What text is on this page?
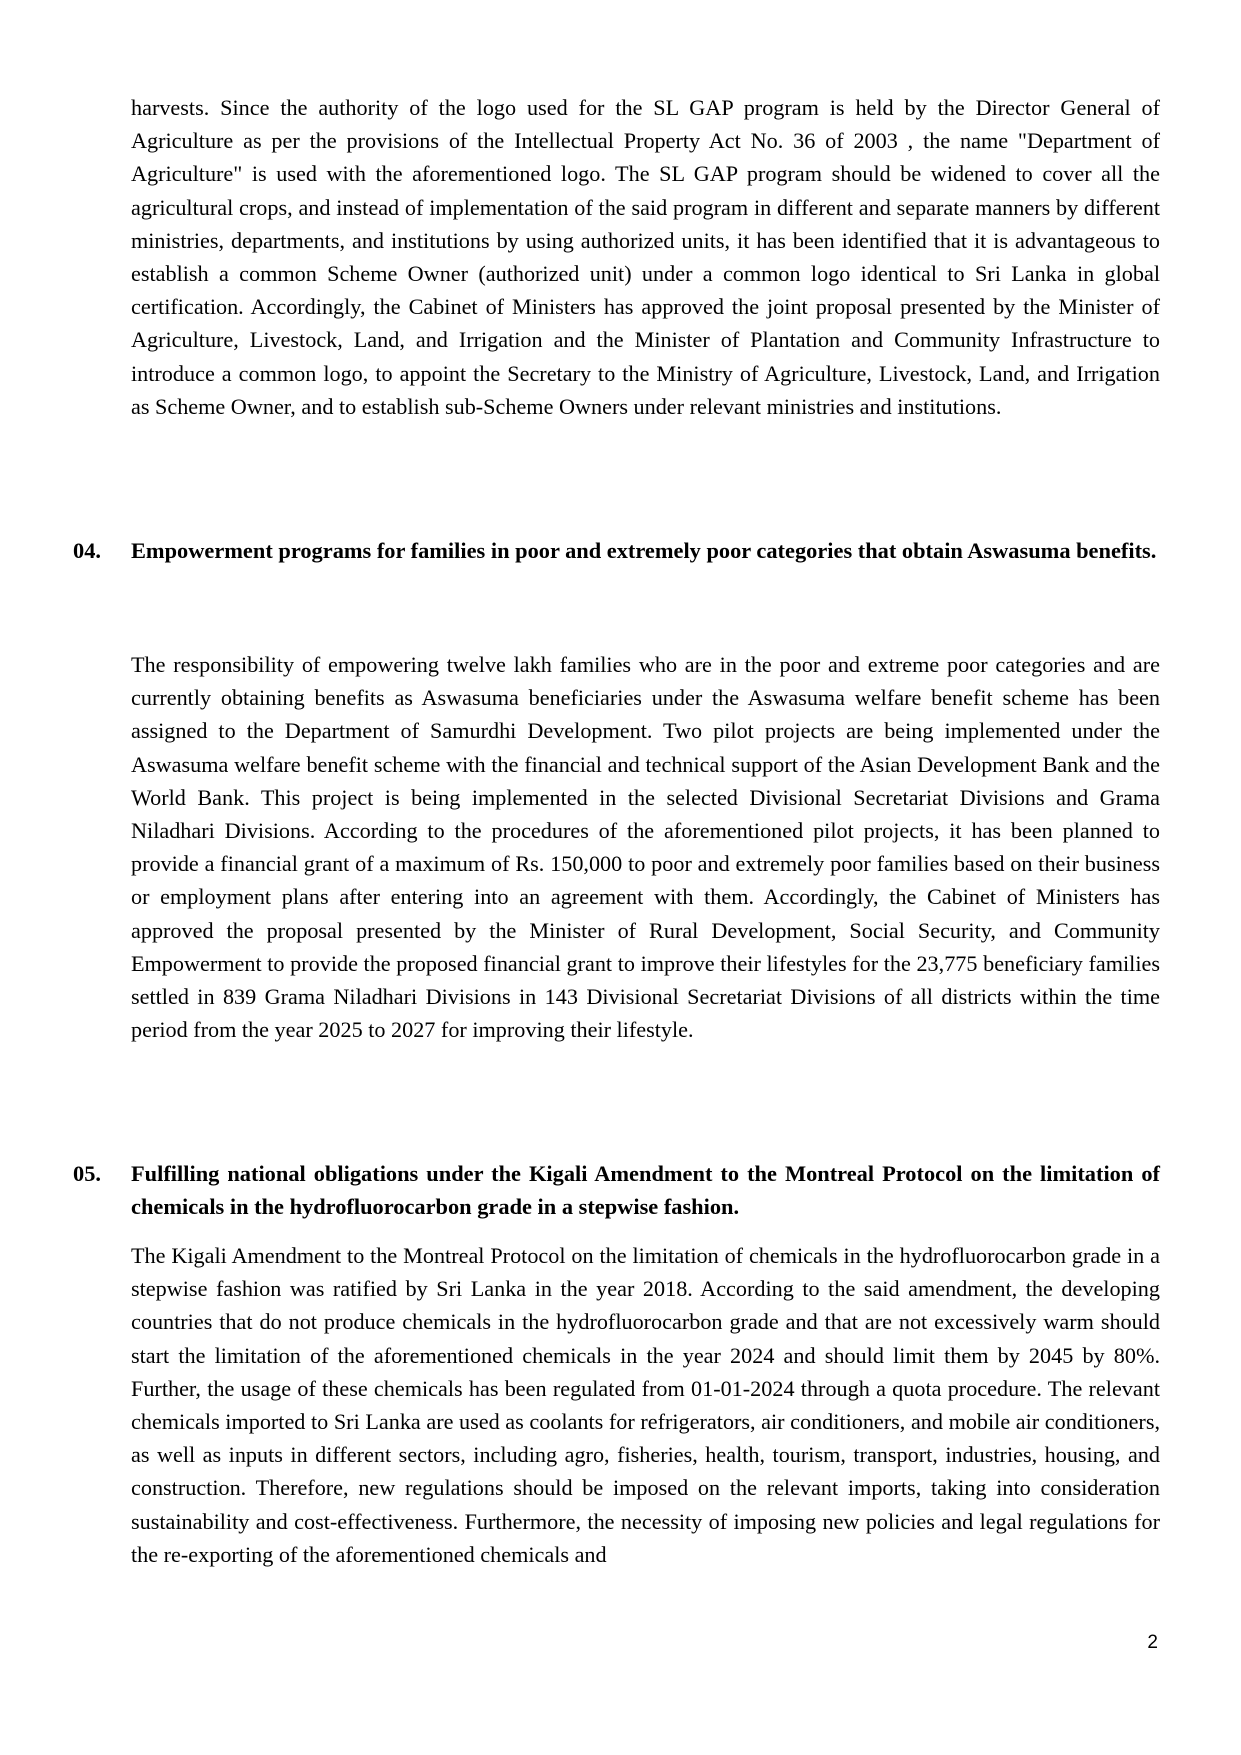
harvests. Since the authority of the logo used for the SL GAP program is held by the Director General of Agriculture as per the provisions of the Intellectual Property Act No. 36 of 2003 , the name "Department of Agriculture" is used with the aforementioned logo. The SL GAP program should be widened to cover all the agricultural crops, and instead of implementation of the said program in different and separate manners by different ministries, departments, and institutions by using authorized units, it has been identified that it is advantageous to establish a common Scheme Owner (authorized unit) under a common logo identical to Sri Lanka in global certification. Accordingly, the Cabinet of Ministers has approved the joint proposal presented by the Minister of Agriculture, Livestock, Land, and Irrigation and the Minister of Plantation and Community Infrastructure to introduce a common logo, to appoint the Secretary to the Ministry of Agriculture, Livestock, Land, and Irrigation as Scheme Owner, and to establish sub-Scheme Owners under relevant ministries and institutions.

04.	Empowerment programs for families in poor and extremely poor categories that obtain Aswasuma benefits.

The responsibility of empowering twelve lakh families who are in the poor and extreme poor categories and are currently obtaining benefits as Aswasuma beneficiaries under the Aswasuma welfare benefit scheme has been assigned to the Department of Samurdhi Development. Two pilot projects are being implemented under the Aswasuma welfare benefit scheme with the financial and technical support of the Asian Development Bank and the World Bank. This project is being implemented in the selected Divisional Secretariat Divisions and Grama Niladhari Divisions. According to the procedures of the aforementioned pilot projects, it has been planned to provide a financial grant of a maximum of Rs. 150,000 to poor and extremely poor families based on their business or employment plans after entering into an agreement with them. Accordingly, the Cabinet of Ministers has approved the proposal presented by the Minister of Rural Development, Social Security, and Community Empowerment to provide the proposed financial grant to improve their lifestyles for the 23,775 beneficiary families settled in 839 Grama Niladhari Divisions in 143 Divisional Secretariat Divisions of all districts within the time period from the year 2025 to 2027 for improving their lifestyle.

05.	Fulfilling national obligations under the Kigali Amendment to the Montreal Protocol on the limitation of chemicals in the hydrofluorocarbon grade in a stepwise fashion.

The Kigali Amendment to the Montreal Protocol on the limitation of chemicals in the hydrofluorocarbon grade in a stepwise fashion was ratified by Sri Lanka in the year 2018. According to the said amendment, the developing countries that do not produce chemicals in the hydrofluorocarbon grade and that are not excessively warm should start the limitation of the aforementioned chemicals in the year 2024 and should limit them by 2045 by 80%. Further, the usage of these chemicals has been regulated from 01-01-2024 through a quota procedure. The relevant chemicals imported to Sri Lanka are used as coolants for refrigerators, air conditioners, and mobile air conditioners, as well as inputs in different sectors, including agro, fisheries, health, tourism, transport, industries, housing, and construction. Therefore, new regulations should be imposed on the relevant imports, taking into consideration sustainability and cost-effectiveness. Furthermore, the necessity of imposing new policies and legal regulations for the re-exporting of the aforementioned chemicals and

2
